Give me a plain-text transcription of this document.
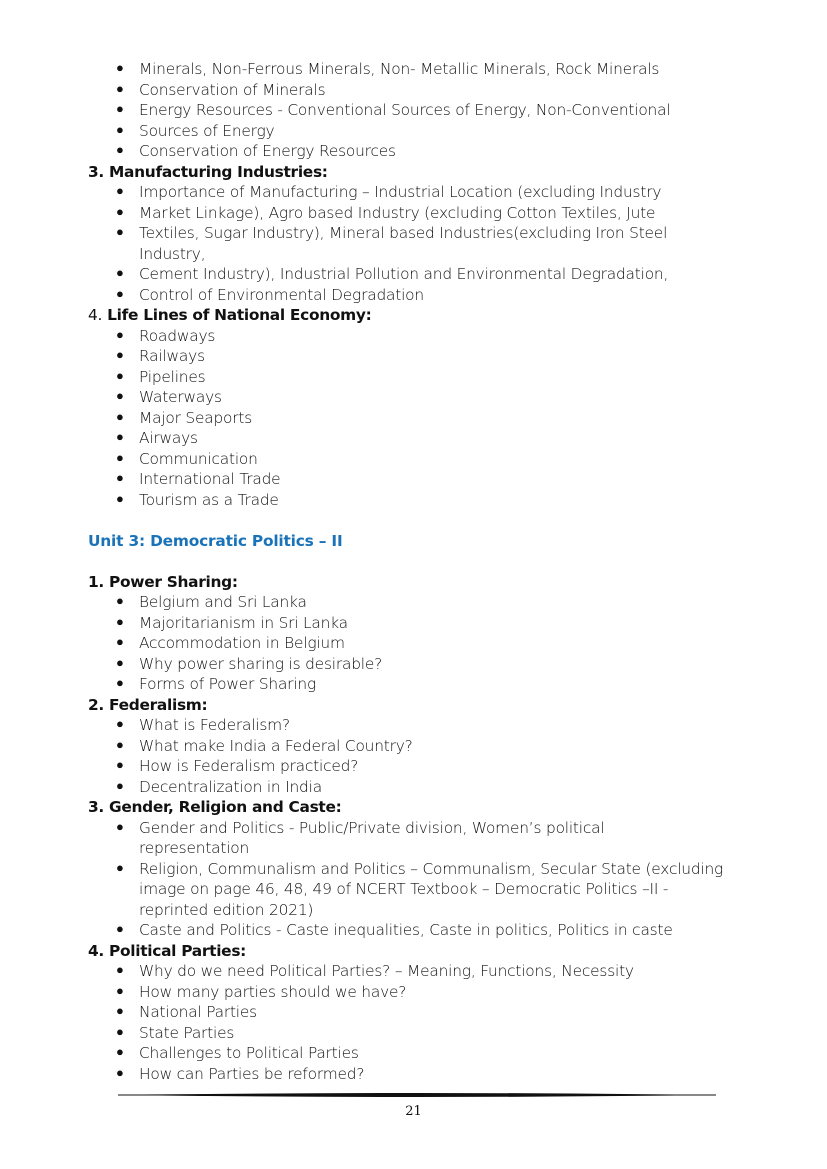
● Minerals, Non-Ferrous Minerals, Non- Metallic Minerals, Rock Minerals
● Conservation of Minerals
● Energy Resources - Conventional Sources of Energy, Non-Conventional
● Sources of Energy
● Conservation of Energy Resources
3. Manufacturing Industries:
● Importance of Manufacturing – Industrial Location (excluding Industry
● Market Linkage), Agro based Industry (excluding Cotton Textiles, Jute
● Textiles, Sugar Industry), Mineral based Industries(excluding Iron Steel Industry,
● Cement Industry), Industrial Pollution and Environmental Degradation,
● Control of Environmental Degradation
4. Life Lines of National Economy:
● Roadways
● Railways
● Pipelines
● Waterways
● Major Seaports
● Airways
● Communication
● International Trade
● Tourism as a Trade
Unit 3: Democratic Politics – II
1. Power Sharing:
● Belgium and Sri Lanka
● Majoritarianism in Sri Lanka
● Accommodation in Belgium
● Why power sharing is desirable?
● Forms of Power Sharing
2. Federalism:
● What is Federalism?
● What make India a Federal Country?
● How is Federalism practiced?
● Decentralization in India
3. Gender, Religion and Caste:
● Gender and Politics - Public/Private division, Women’s political representation
● Religion, Communalism and Politics – Communalism, Secular State (excluding image on page 46, 48, 49 of NCERT Textbook – Democratic Politics –II - reprinted edition 2021)
● Caste and Politics - Caste inequalities, Caste in politics, Politics in caste
4. Political Parties:
● Why do we need Political Parties? – Meaning, Functions, Necessity
● How many parties should we have?
● National Parties
● State Parties
● Challenges to Political Parties
● How can Parties be reformed?
21
